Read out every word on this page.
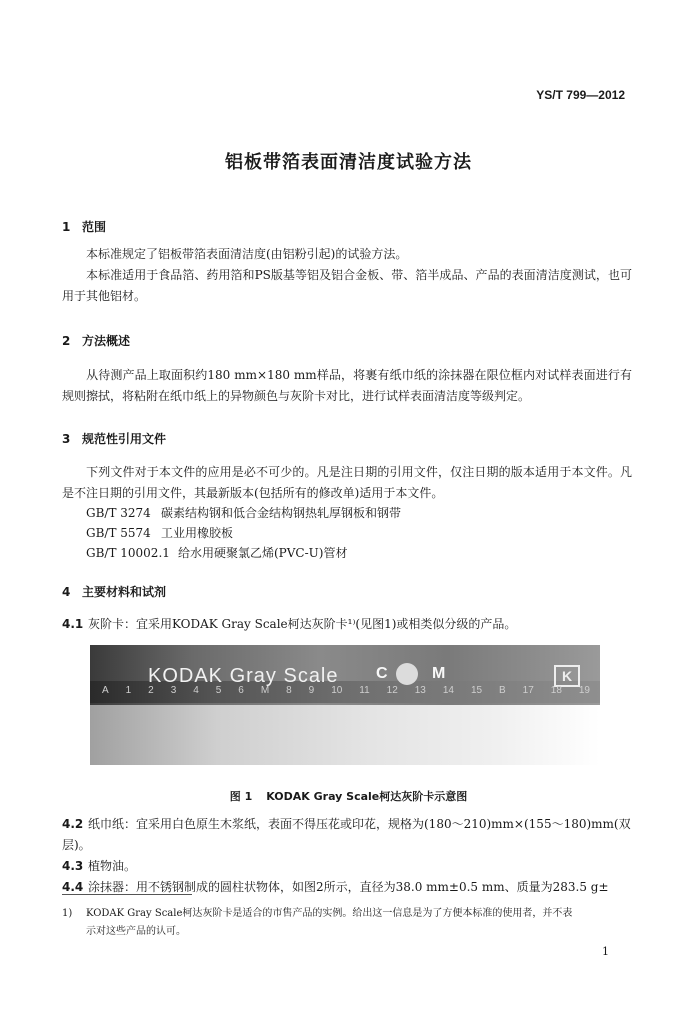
YS/T 799—2012
铝板带箔表面清洁度试验方法
1 范围
本标准规定了铝板带箔表面清洁度(由铝粉引起)的试验方法。
本标准适用于食品箔、药用箔和PS版基等铝及铝合金板、带、箔半成品、产品的表面清洁度测试，也可用于其他铝材。
2 方法概述
从待测产品上取面积约180 mm×180 mm样品，将裹有纸巾纸的涂抹器在限位框内对试样表面进行有规则擦拭，将粘附在纸巾纸上的异物颜色与灰阶卡对比，进行试样表面清洁度等级判定。
3 规范性引用文件
下列文件对于本文件的应用是必不可少的。凡是注日期的引用文件，仅注日期的版本适用于本文件。凡是不注日期的引用文件，其最新版本(包括所有的修改单)适用于本文件。
GB/T 3274 碳素结构钢和低合金结构钢热轧厚钢板和钢带
GB/T 5574 工业用橡胶板
GB/T 10002.1 给水用硬聚氯乙烯(PVC-U)管材
4 主要材料和试剂
4.1 灰阶卡：宜采用KODAK Gray Scale柯达灰阶卡¹⁾(见图1)或相类似分级的产品。
KODAK Gray Scale C	M	K
A 1 2 3 4 5 6 M 8 9 10 11 12 13 14 15 B 17 18 19
图 1 KODAK Gray Scale柯达灰阶卡示意图
4.2 纸巾纸：宜采用白色原生木浆纸，表面不得压花或印花，规格为(180～210)mm×(155～180)mm(双层)。
4.3 植物油。
4.4 涂抹器：用不锈钢制成的圆柱状物体，如图2所示，直径为38.0 mm±0.5 mm、质量为283.5 g±
1) KODAK Gray Scale柯达灰阶卡是适合的市售产品的实例。给出这一信息是为了方便本标准的使用者，并不表
示对这些产品的认可。
1
